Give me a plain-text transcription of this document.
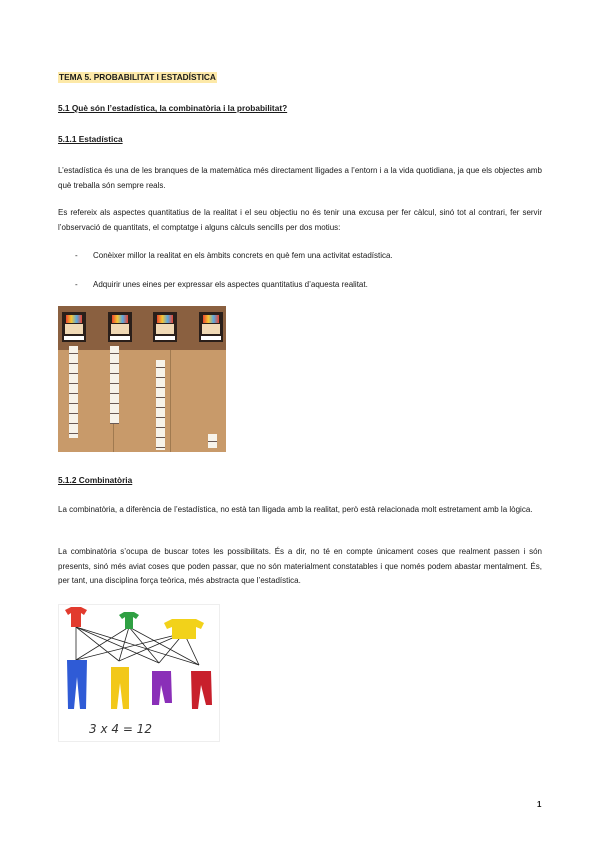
TEMA 5. PROBABILITAT I ESTADÍSTICA
5.1 Què són l’estadística, la combinatòria i la probabilitat?
5.1.1 Estadística
L’estadística és una de les branques de la matemàtica més directament lligades a l’entorn i a la vida quotidiana, ja que els objectes amb què treballa són sempre reals.
Es refereix als aspectes quantitatius de la realitat i el seu objectiu no és tenir una excusa per fer càlcul, sinó tot al contrari, fer servir l’observació de quantitats, el comptatge i alguns càlculs sencills per dos motius:
- Conèixer millor la realitat en els àmbits concrets en què fem una activitat estadística.
- Adquirir unes eines per expressar els aspectes quantitatius d’aquesta realitat.
5.1.2 Combinatòria
La combinatòria, a diferència de l’estadística, no està tan lligada amb la realitat, però està relacionada molt estretament amb la lògica.
La combinatòria s’ocupa de buscar totes les possibilitats. És a dir, no té en compte únicament coses que realment passen i són presents, sinó més aviat coses que poden passar, que no són materialment constatables i que només podem abastar mentalment. És, per tant, una disciplina força teòrica, més abstracta que l’estadística.
3 x 4 = 12
1
